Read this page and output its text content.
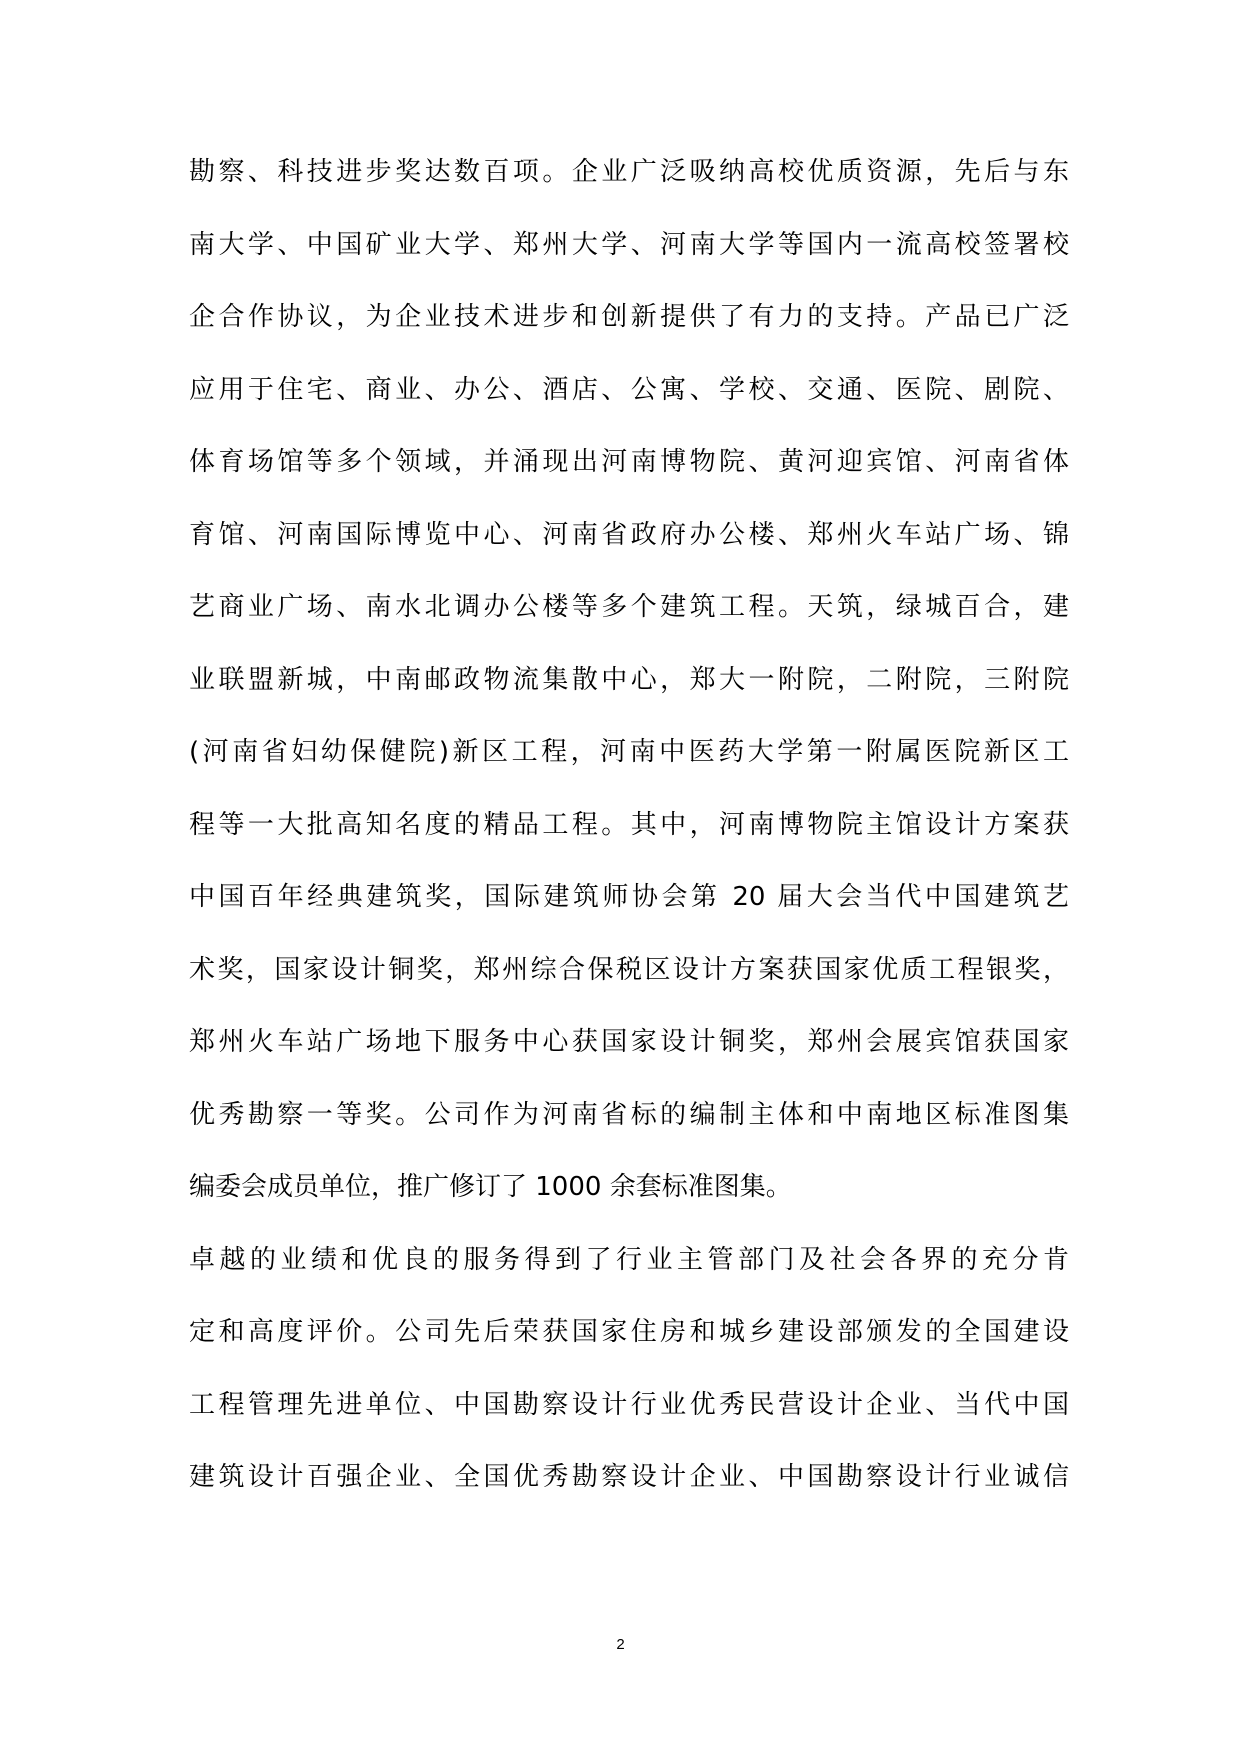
勘察、科技进步奖达数百项。企业广泛吸纳高校优质资源，先后与东
南大学、中国矿业大学、郑州大学、河南大学等国内一流高校签署校
企合作协议，为企业技术进步和创新提供了有力的支持。产品已广泛
应用于住宅、商业、办公、酒店、公寓、学校、交通、医院、剧院、
体育场馆等多个领域，并涌现出河南博物院、黄河迎宾馆、河南省体
育馆、河南国际博览中心、河南省政府办公楼、郑州火车站广场、锦
艺商业广场、南水北调办公楼等多个建筑工程。天筑，绿城百合，建
业联盟新城，中南邮政物流集散中心，郑大一附院，二附院，三附院
(河南省妇幼保健院)新区工程，河南中医药大学第一附属医院新区工
程等一大批高知名度的精品工程。其中，河南博物院主馆设计方案获
中国百年经典建筑奖，国际建筑师协会第 20 届大会当代中国建筑艺
术奖，国家设计铜奖，郑州综合保税区设计方案获国家优质工程银奖，
郑州火车站广场地下服务中心获国家设计铜奖，郑州会展宾馆获国家
优秀勘察一等奖。公司作为河南省标的编制主体和中南地区标准图集
编委会成员单位，推广修订了 1000 余套标准图集。
卓越的业绩和优良的服务得到了行业主管部门及社会各界的充分肯
定和高度评价。公司先后荣获国家住房和城乡建设部颁发的全国建设
工程管理先进单位、中国勘察设计行业优秀民营设计企业、当代中国
建筑设计百强企业、全国优秀勘察设计企业、中国勘察设计行业诚信
2
